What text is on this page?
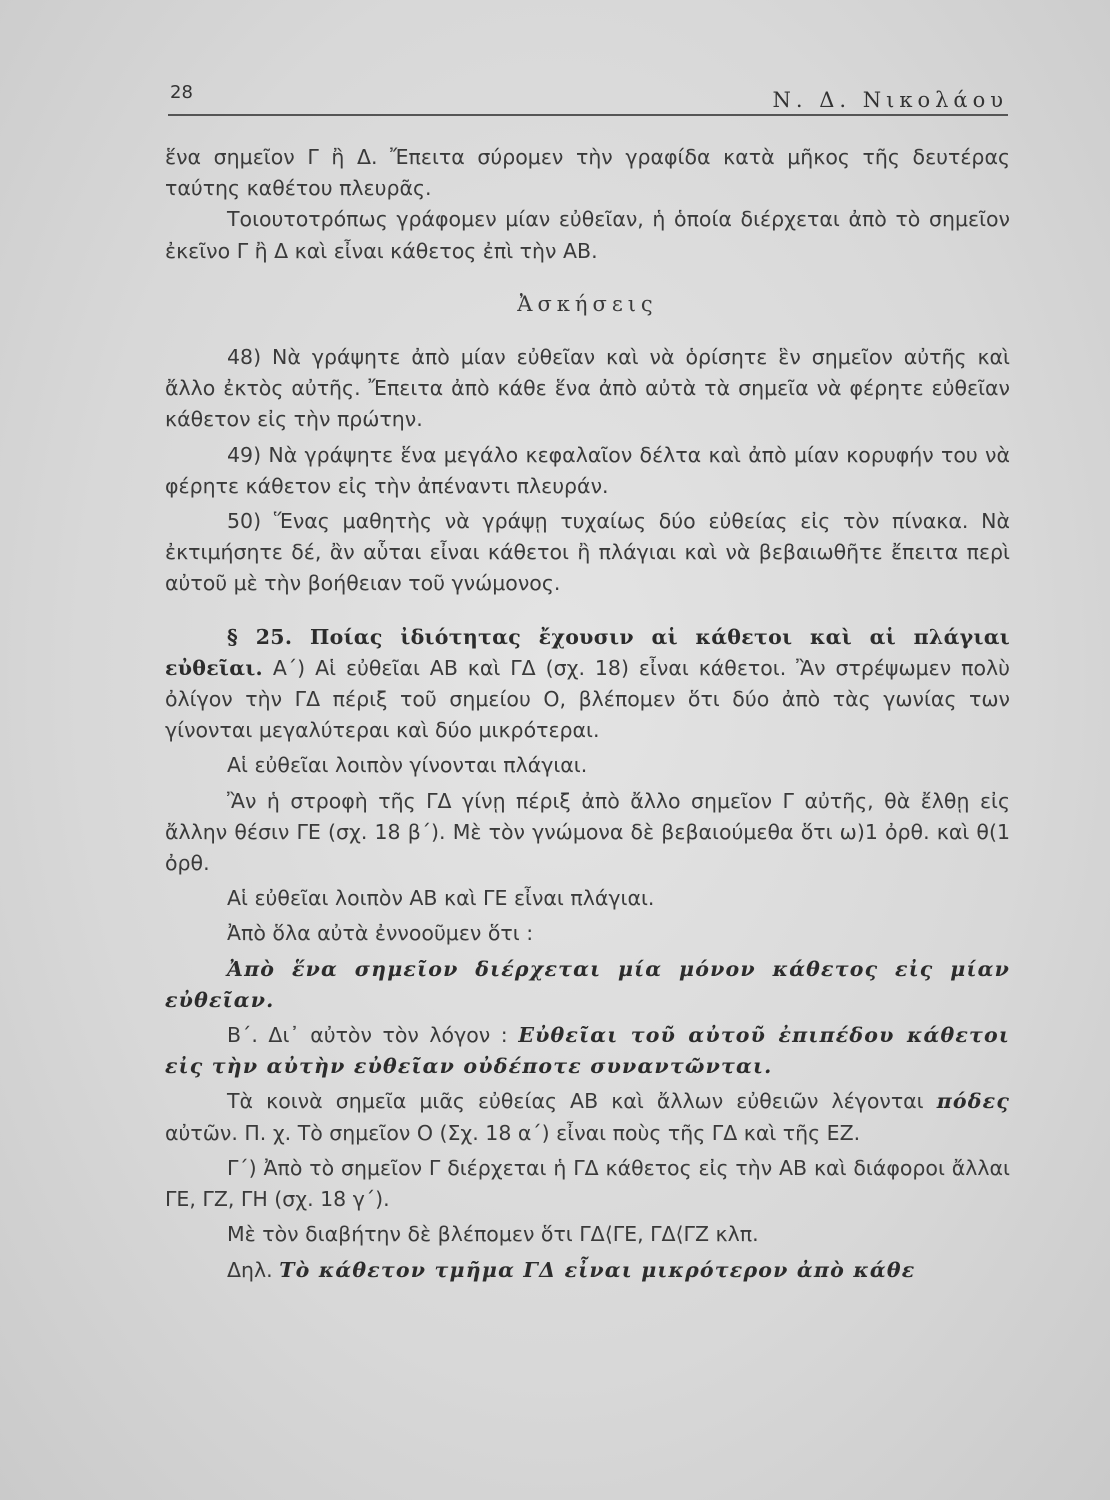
28	Ν. Δ. Νικολάου

ἕνα σημεῖον Γ ἢ Δ. Ἔπειτα σύρομεν τὴν γραφίδα κατὰ μῆκος τῆς δευτέρας ταύτης καθέτου πλευρᾶς.

Τοιουτοτρόπως γράφομεν μίαν εὐθεῖαν, ἡ ὁποία διέρχεται ἀπὸ τὸ σημεῖον ἐκεῖνο Γ ἢ Δ καὶ εἶναι κάθετος ἐπὶ τὴν ΑΒ.

Ἀσκήσεις

48) Νὰ γράψητε ἀπὸ μίαν εὐθεῖαν καὶ νὰ ὁρίσητε ἓν σημεῖον αὐτῆς καὶ ἄλλο ἐκτὸς αὐτῆς. Ἔπειτα ἀπὸ κάθε ἕνα ἀπὸ αὐτὰ τὰ σημεῖα νὰ φέρητε εὐθεῖαν κάθετον εἰς τὴν πρώτην.

49) Νὰ γράψητε ἕνα μεγάλο κεφαλαῖον δέλτα καὶ ἀπὸ μίαν κορυφήν του νὰ φέρητε κάθετον εἰς τὴν ἀπέναντι πλευράν.

50) Ἕνας μαθητὴς νὰ γράψῃ τυχαίως δύο εὐθείας εἰς τὸν πίνακα. Νὰ ἐκτιμήσητε δέ, ἂν αὗται εἶναι κάθετοι ἢ πλάγιαι καὶ νὰ βεβαιωθῆτε ἔπειτα περὶ αὐτοῦ μὲ τὴν βοήθειαν τοῦ γνώμονος.

§ 25. Ποίας ἰδιότητας ἔχουσιν αἱ κάθετοι καὶ αἱ πλάγιαι εὐθεῖαι. Α΄) Αἱ εὐθεῖαι ΑΒ καὶ ΓΔ (σχ. 18) εἶναι κάθετοι. Ἂν στρέψωμεν πολὺ ὀλίγον τὴν ΓΔ πέριξ τοῦ σημείου Ο, βλέπομεν ὅτι δύο ἀπὸ τὰς γωνίας των γίνονται μεγαλύτεραι καὶ δύο μικρότεραι.

Αἱ εὐθεῖαι λοιπὸν γίνονται πλάγιαι.

Ἂν ἡ στροφὴ τῆς ΓΔ γίνῃ πέριξ ἀπὸ ἄλλο σημεῖον Γ αὐτῆς, θὰ ἔλθῃ εἰς ἄλλην θέσιν ΓΕ (σχ. 18 β΄). Μὲ τὸν γνώμονα δὲ βεβαιούμεθα ὅτι ω)1 ὀρθ. καὶ θ(1 ὀρθ.

Αἱ εὐθεῖαι λοιπὸν ΑΒ καὶ ΓΕ εἶναι πλάγιαι.

Ἀπὸ ὅλα αὐτὰ ἐννοοῦμεν ὅτι :

Ἀπὸ ἕνα σημεῖον διέρχεται μία μόνον κάθετος εἰς μίαν εὐθεῖαν.

Β΄. Δι᾽ αὐτὸν τὸν λόγον : Εὐθεῖαι τοῦ αὐτοῦ ἐπιπέδου κάθετοι εἰς τὴν αὐτὴν εὐθεῖαν οὐδέποτε συναντῶνται.

Τὰ κοινὰ σημεῖα μιᾶς εὐθείας ΑΒ καὶ ἄλλων εὐθειῶν λέγονται πόδες αὐτῶν. Π. χ. Τὸ σημεῖον Ο (Σχ. 18 α΄) εἶναι ποὺς τῆς ΓΔ καὶ τῆς ΕΖ.

Γ΄) Ἀπὸ τὸ σημεῖον Γ διέρχεται ἡ ΓΔ κάθετος εἰς τὴν ΑΒ καὶ διάφοροι ἄλλαι ΓΕ, ΓΖ, ΓΗ (σχ. 18 γ΄).

Μὲ τὸν διαβήτην δὲ βλέπομεν ὅτι ΓΔ⟨ΓΕ, ΓΔ⟨ΓΖ κλπ.

Δηλ. Τὸ κάθετον τμῆμα ΓΔ εἶναι μικρότερον ἀπὸ κάθε
